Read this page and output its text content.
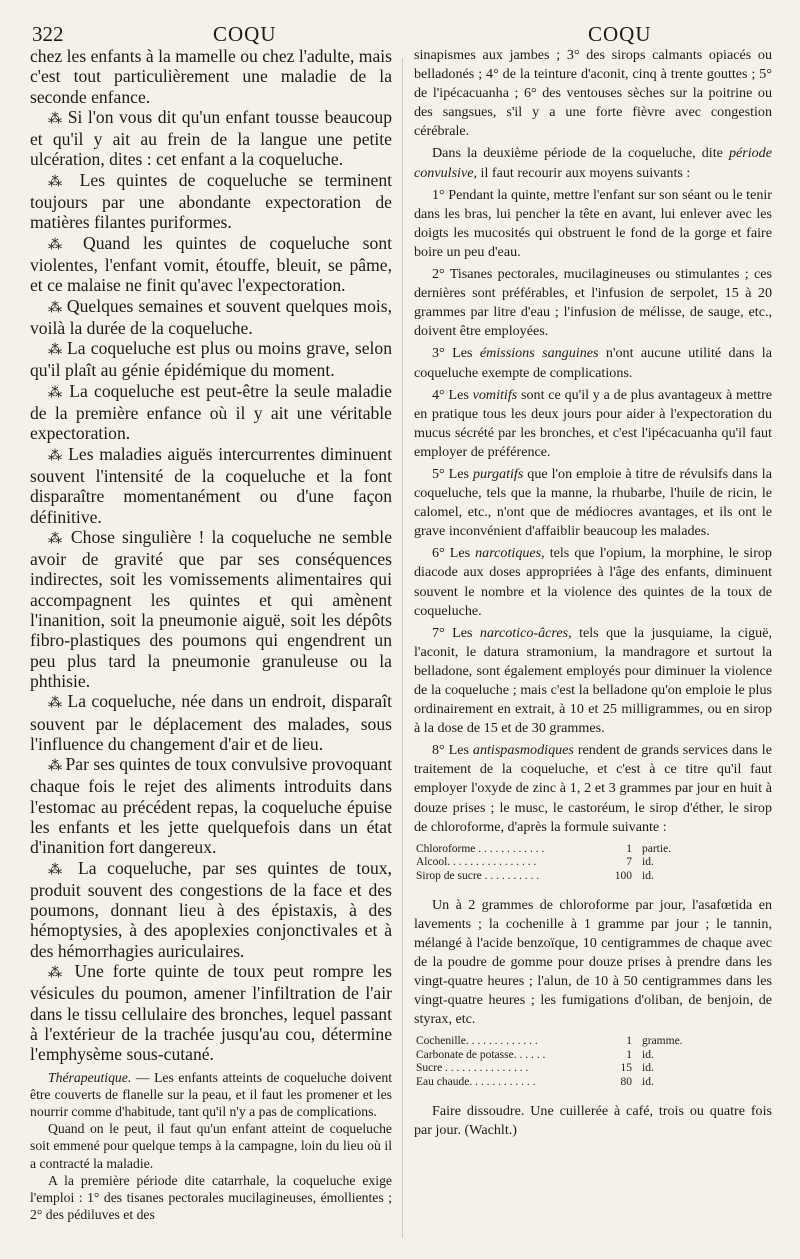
322	COQU	COQU

chez les enfants à la mamelle ou chez l'adulte, mais c'est tout particulièrement une maladie de la seconde enfance.

⁂ Si l'on vous dit qu'un enfant tousse beaucoup et qu'il y ait au frein de la langue une petite ulcération, dites : cet enfant a la coqueluche.

⁂ Les quintes de coqueluche se terminent toujours par une abondante expectoration de matières filantes puriformes.

⁂ Quand les quintes de coqueluche sont violentes, l'enfant vomit, étouffe, bleuit, se pâme, et ce malaise ne finit qu'avec l'expectoration.

⁂ Quelques semaines et souvent quelques mois, voilà la durée de la coqueluche.

⁂ La coqueluche est plus ou moins grave, selon qu'il plaît au génie épidémique du moment.

⁂ La coqueluche est peut-être la seule maladie de la première enfance où il y ait une véritable expectoration.

⁂ Les maladies aiguës intercurrentes diminuent souvent l'intensité de la coqueluche et la font disparaître momentanément ou d'une façon définitive.

⁂ Chose singulière ! la coqueluche ne semble avoir de gravité que par ses conséquences indirectes, soit les vomissements alimentaires qui accompagnent les quintes et qui amènent l'inanition, soit la pneumonie aiguë, soit les dépôts fibro-plastiques des poumons qui engendrent un peu plus tard la pneumonie granuleuse ou la phthisie.

⁂ La coqueluche, née dans un endroit, disparaît souvent par le déplacement des malades, sous l'influence du changement d'air et de lieu.

⁂ Par ses quintes de toux convulsive provoquant chaque fois le rejet des aliments introduits dans l'estomac au précédent repas, la coqueluche épuise les enfants et les jette quelquefois dans un état d'inanition fort dangereux.

⁂ La coqueluche, par ses quintes de toux, produit souvent des congestions de la face et des poumons, donnant lieu à des épistaxis, à des hémoptysies, à des apoplexies conjonctivales et à des hémorrhagies auriculaires.

⁂ Une forte quinte de toux peut rompre les vésicules du poumon, amener l'infiltration de l'air dans le tissu cellulaire des bronches, lequel passant à l'extérieur de la trachée jusqu'au cou, détermine l'emphysème sous-cutané.

Thérapeutique. — Les enfants atteints de coqueluche doivent être couverts de flanelle sur la peau, et il faut les promener et les nourrir comme d'habitude, tant qu'il n'y a pas de complications.

Quand on le peut, il faut qu'un enfant atteint de coqueluche soit emmené pour quelque temps à la campagne, loin du lieu où il a contracté la maladie.

A la première période dite catarrhale, la coqueluche exige l'emploi : 1° des tisanes pectorales mucilagineuses, émollientes ; 2° des pédiluves et des

sinapismes aux jambes ; 3° des sirops calmants opiacés ou belladonés ; 4° de la teinture d'aconit, cinq à trente gouttes ; 5° de l'ipécacuanha ; 6° des ventouses sèches sur la poitrine ou des sangsues, s'il y a une forte fièvre avec congestion cérébrale.

Dans la deuxième période de la coqueluche, dite période convulsive, il faut recourir aux moyens suivants :

1° Pendant la quinte, mettre l'enfant sur son séant ou le tenir dans les bras, lui pencher la tête en avant, lui enlever avec les doigts les mucosités qui obstruent le fond de la gorge et faire boire un peu d'eau.

2° Tisanes pectorales, mucilagineuses ou stimulantes ; ces dernières sont préférables, et l'infusion de serpolet, 15 à 20 grammes par litre d'eau ; l'infusion de mélisse, de sauge, etc., doivent être employées.

3° Les émissions sanguines n'ont aucune utilité dans la coqueluche exempte de complications.

4° Les vomitifs sont ce qu'il y a de plus avantageux à mettre en pratique tous les deux jours pour aider à l'expectoration du mucus sécrété par les bronches, et c'est l'ipécacuanha qu'il faut employer de préférence.

5° Les purgatifs que l'on emploie à titre de révulsifs dans la coqueluche, tels que la manne, la rhubarbe, l'huile de ricin, le calomel, etc., n'ont que de médiocres avantages, et ils ont le grave inconvénient d'affaiblir beaucoup les malades.

6° Les narcotiques, tels que l'opium, la morphine, le sirop diacode aux doses appropriées à l'âge des enfants, diminuent souvent le nombre et la violence des quintes de la toux de coqueluche.

7° Les narcotico-âcres, tels que la jusquiame, la ciguë, l'aconit, le datura stramonium, la mandragore et surtout la belladone, sont également employés pour diminuer la violence de la coqueluche ; mais c'est la belladone qu'on emploie le plus ordinairement en extrait, à 10 et 25 milligrammes, ou en sirop à la dose de 15 et de 30 grammes.

8° Les antispasmodiques rendent de grands services dans le traitement de la coqueluche, et c'est à ce titre qu'il faut employer l'oxyde de zinc à 1, 2 et 3 grammes par jour en huit à douze prises ; le musc, le castoréum, le sirop d'éther, le sirop de chloroforme, d'après la formule suivante :

Chloroforme . . . . . . . . . . . .	1	partie.
Alcool. . . . . . . . . . . . . . . .	7	id.
Sirop de sucre . . . . . . . . . .	100	id.

Un à 2 grammes de chloroforme par jour, l'asafœtida en lavements ; la cochenille à 1 gramme par jour ; le tannin, mélangé à l'acide benzoïque, 10 centigrammes de chaque avec de la poudre de gomme pour douze prises à prendre dans les vingt-quatre heures ; l'alun, de 10 à 50 centigrammes dans les vingt-quatre heures ; les fumigations d'oliban, de benjoin, de styrax, etc.

Cochenille. . . . . . . . . . . . .	1	gramme.
Carbonate de potasse. . . . . .	1	id.
Sucre . . . . . . . . . . . . . . .	15	id.
Eau chaude. . . . . . . . . . . .	80	id.

Faire dissoudre. Une cuillerée à café, trois ou quatre fois par jour. (Wachlt.)
